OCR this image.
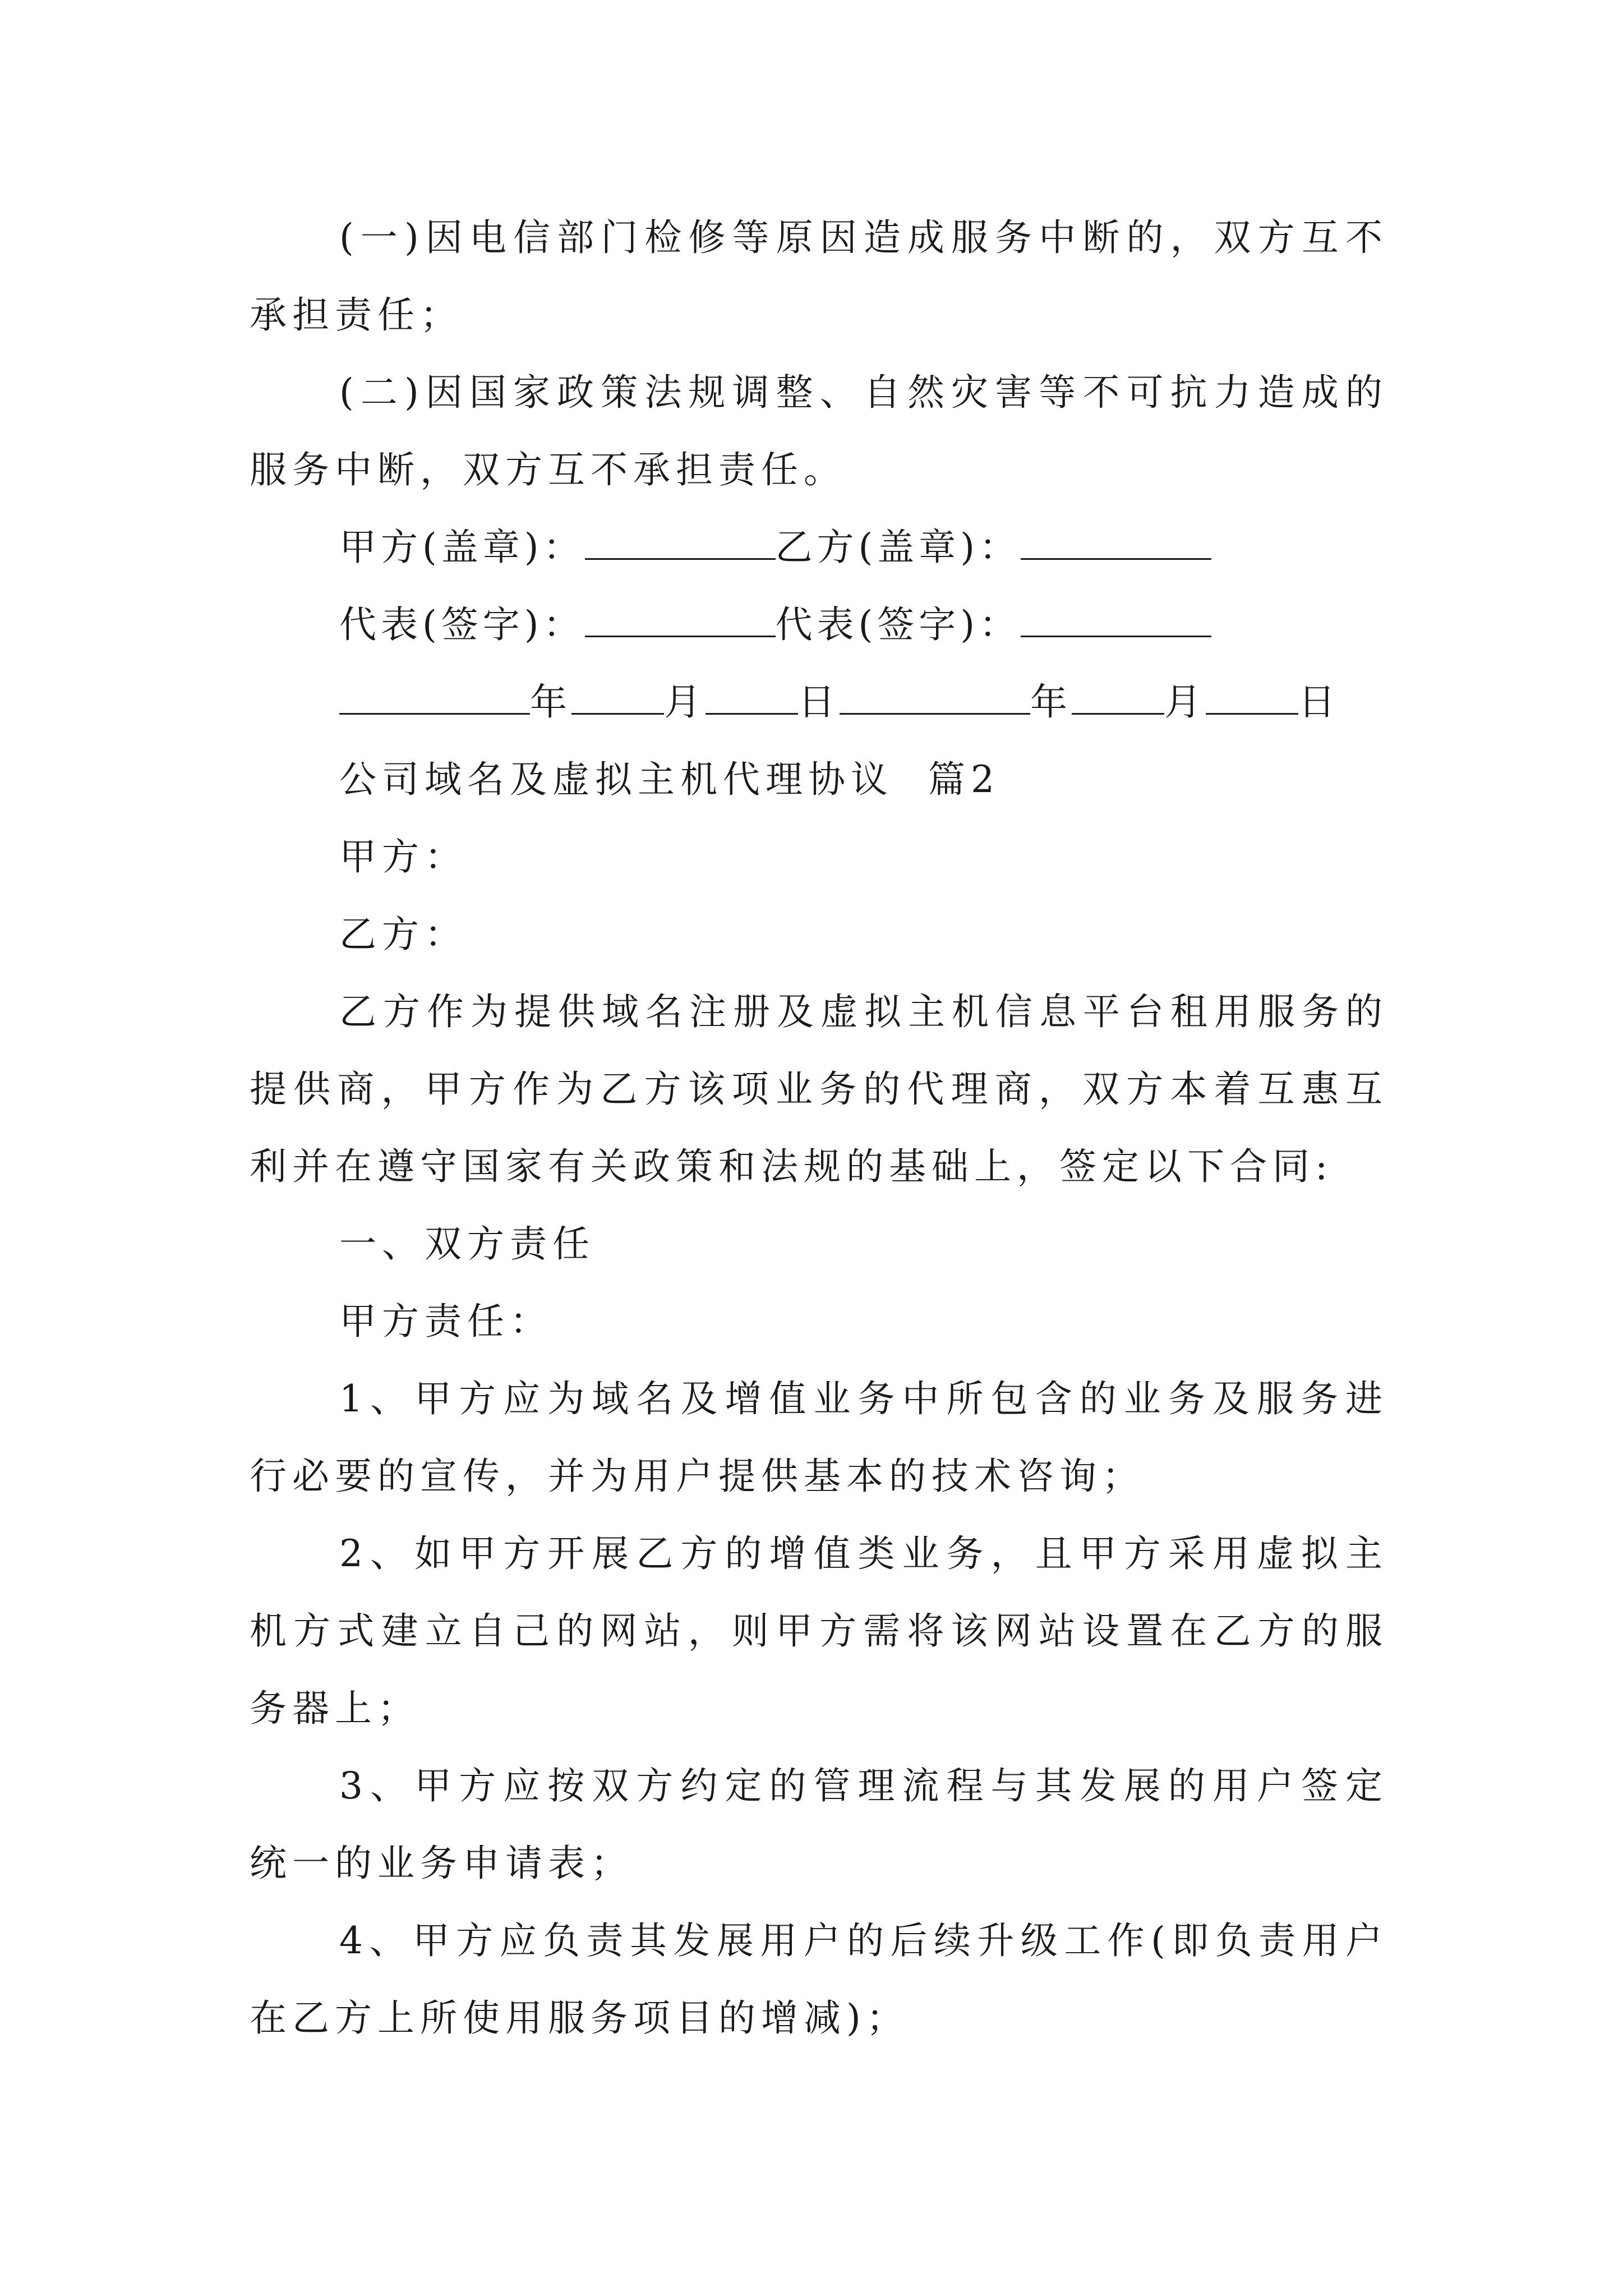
(一)因电信部门检修等原因造成服务中断的，双方互不承担责任；

(二)因国家政策法规调整、自然灾害等不可抗力造成的服务中断，双方互不承担责任。

甲方(盖章)：	乙方(盖章)：
代表(签字)：	代表(签字)：
年	月	日	年	月	日

公司域名及虚拟主机代理协议  篇2

甲方：

乙方：

乙方作为提供域名注册及虚拟主机信息平台租用服务的提供商，甲方作为乙方该项业务的代理商，双方本着互惠互利并在遵守国家有关政策和法规的基础上，签定以下合同:

一、双方责任

甲方责任：

1、甲方应为域名及增值业务中所包含的业务及服务进行必要的宣传，并为用户提供基本的技术咨询；

2、如甲方开展乙方的增值类业务，且甲方采用虚拟主机方式建立自己的网站，则甲方需将该网站设置在乙方的服务器上；

3、甲方应按双方约定的管理流程与其发展的用户签定统一的业务申请表；

4、甲方应负责其发展用户的后续升级工作(即负责用户在乙方上所使用服务项目的增减)；
